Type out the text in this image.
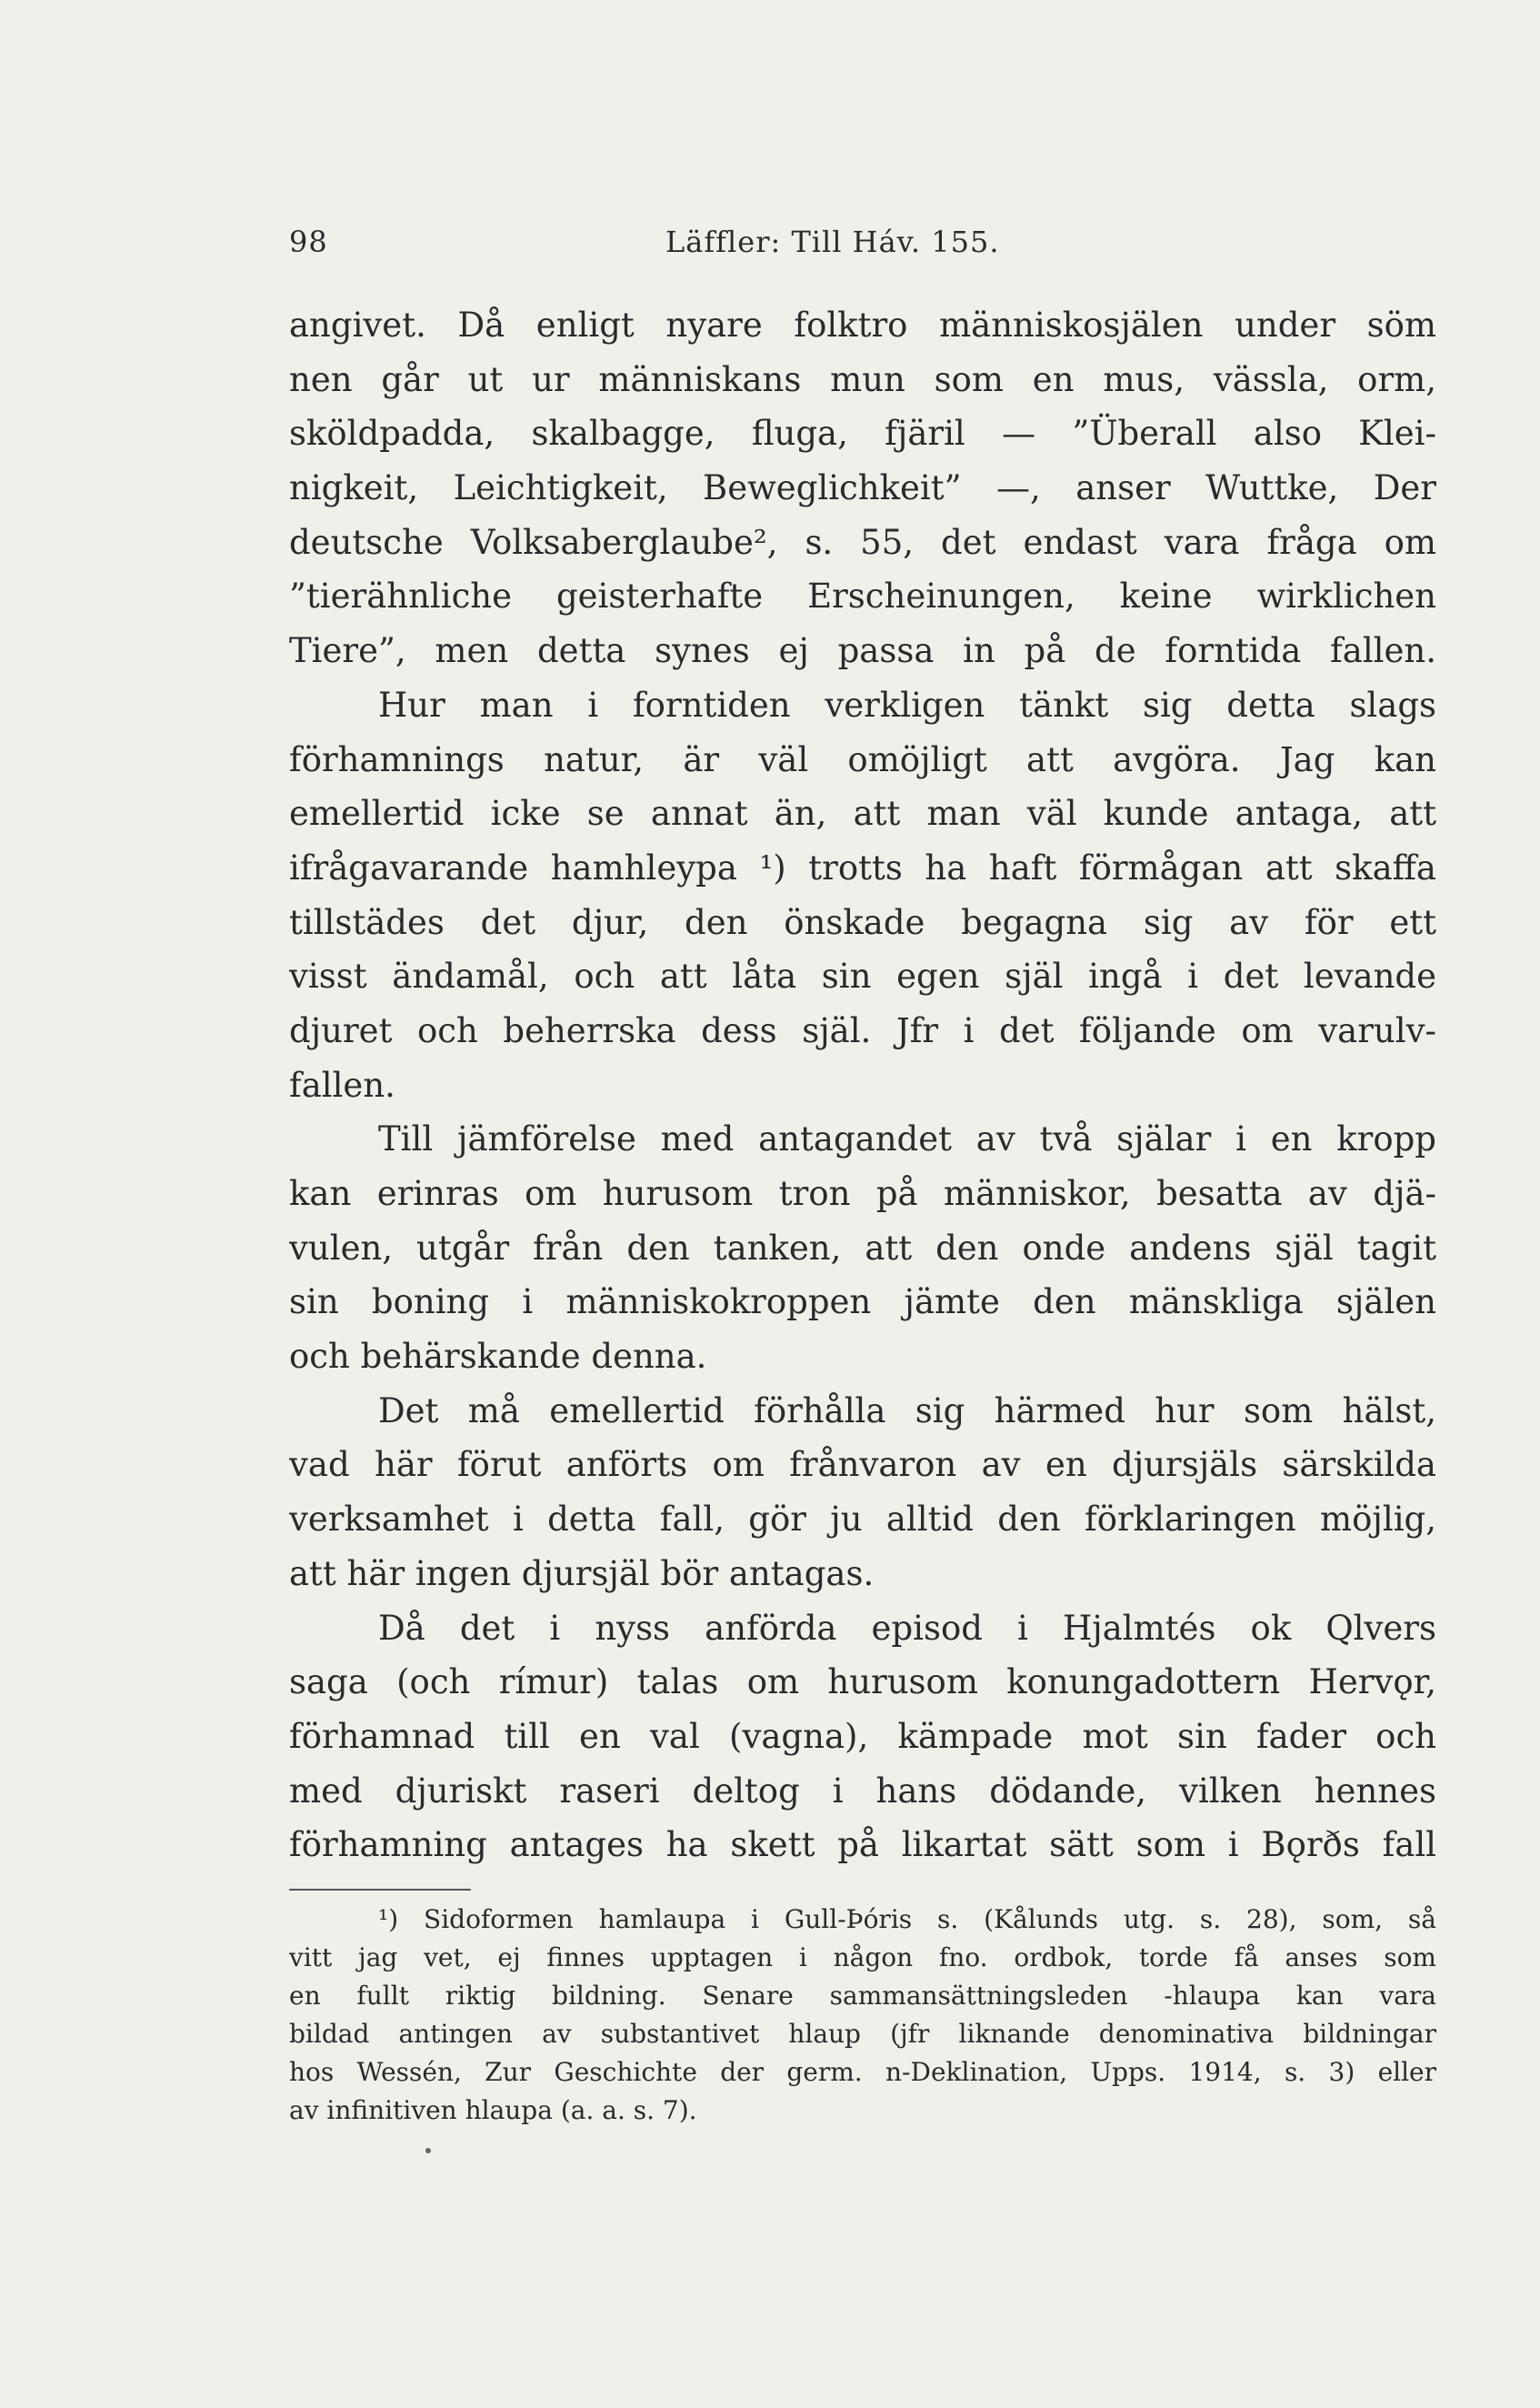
98	Läffler: Till Háv. 155.
angivet. Då enligt nyare folktro människosjälen under söm
nen går ut ur människans mun som en mus, vässla, orm,
sköldpadda, skalbagge, fluga, fjäril — ”Überall also Klei-
nigkeit, Leichtigkeit, Beweglichkeit” —, anser Wuttke, Der
deutsche Volksaberglaube², s. 55, det endast vara fråga om
”tierähnliche geisterhafte Erscheinungen, keine wirklichen
Tiere”, men detta synes ej passa in på de forntida fallen.
Hur man i forntiden verkligen tänkt sig detta slags
förhamnings natur, är väl omöjligt att avgöra. Jag kan
emellertid icke se annat än, att man väl kunde antaga, att
ifrågavarande hamhleypa ¹) trotts ha haft förmågan att skaffa
tillstädes det djur, den önskade begagna sig av för ett
visst ändamål, och att låta sin egen själ ingå i det levande
djuret och beherrska dess själ. Jfr i det följande om varulv-
fallen.
Till jämförelse med antagandet av två själar i en kropp
kan erinras om hurusom tron på människor, besatta av djä-
vulen, utgår från den tanken, att den onde andens själ tagit
sin boning i människokroppen jämte den mänskliga själen
och behärskande denna.
Det må emellertid förhålla sig härmed hur som hälst,
vad här förut anförts om frånvaron av en djursjäls särskilda
verksamhet i detta fall, gör ju alltid den förklaringen möjlig,
att här ingen djursjäl bör antagas.
Då det i nyss anförda episod i Hjalmtés ok Qlvers
saga (och rímur) talas om hurusom konungadottern Hervǫr,
förhamnad till en val (vagna), kämpade mot sin fader och
med djuriskt raseri deltog i hans dödande, vilken hennes
förhamning antages ha skett på likartat sätt som i Bǫrðs fall
¹) Sidoformen hamlaupa i Gull-Þóris s. (Kålunds utg. s. 28), som, så
vitt jag vet, ej finnes upptagen i någon fno. ordbok, torde få anses som
en fullt riktig bildning. Senare sammansättningsleden -hlaupa kan vara
bildad antingen av substantivet hlaup (jfr liknande denominativa bildningar
hos Wessén, Zur Geschichte der germ. n-Deklination, Upps. 1914, s. 3) eller
av infinitiven hlaupa (a. a. s. 7).
